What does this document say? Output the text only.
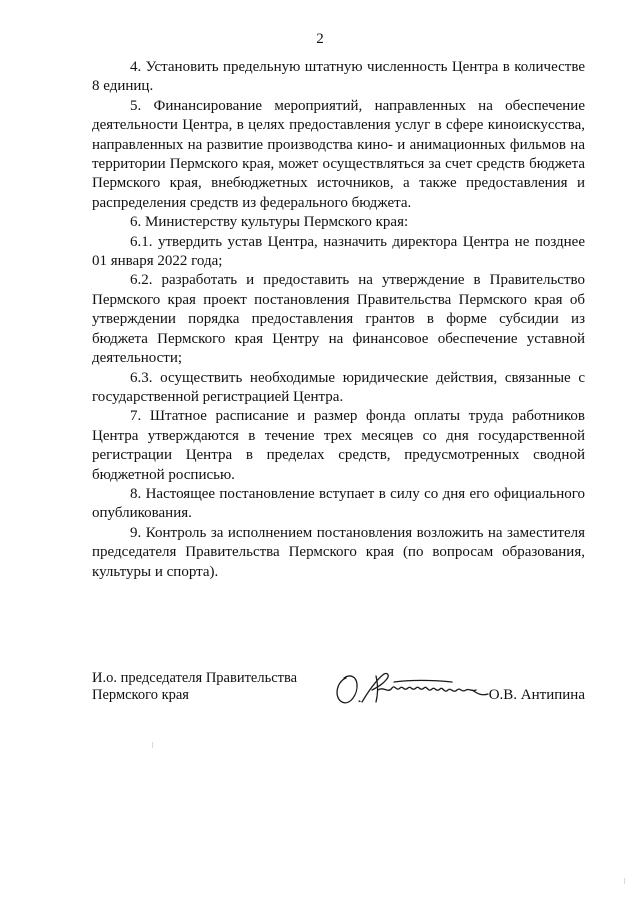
2

4. Установить предельную штатную численность Центра в количестве 8 единиц.

5. Финансирование мероприятий, направленных на обеспечение деятельности Центра, в целях предоставления услуг в сфере киноискусства, направленных на развитие производства кино- и анимационных фильмов на территории Пермского края, может осуществляться за счет средств бюджета Пермского края, внебюджетных источников, а также предоставления и распределения средств из федерального бюджета.

6. Министерству культуры Пермского края:

6.1. утвердить устав Центра, назначить директора Центра не позднее 01 января 2022 года;

6.2. разработать и предоставить на утверждение в Правительство Пермского края проект постановления Правительства Пермского края об утверждении порядка предоставления грантов в форме субсидии из бюджета Пермского края Центру на финансовое обеспечение уставной деятельности;

6.3. осуществить необходимые юридические действия, связанные с государственной регистрацией Центра.

7. Штатное расписание и размер фонда оплаты труда работников Центра утверждаются в течение трех месяцев со дня государственной регистрации Центра в пределах средств, предусмотренных сводной бюджетной росписью.

8. Настоящее постановление вступает в силу со дня его официального опубликования.

9. Контроль за исполнением постановления возложить на заместителя председателя Правительства Пермского края (по вопросам образования, культуры и спорта).

И.о. председателя Правительства
Пермского края	О.В. Антипина
